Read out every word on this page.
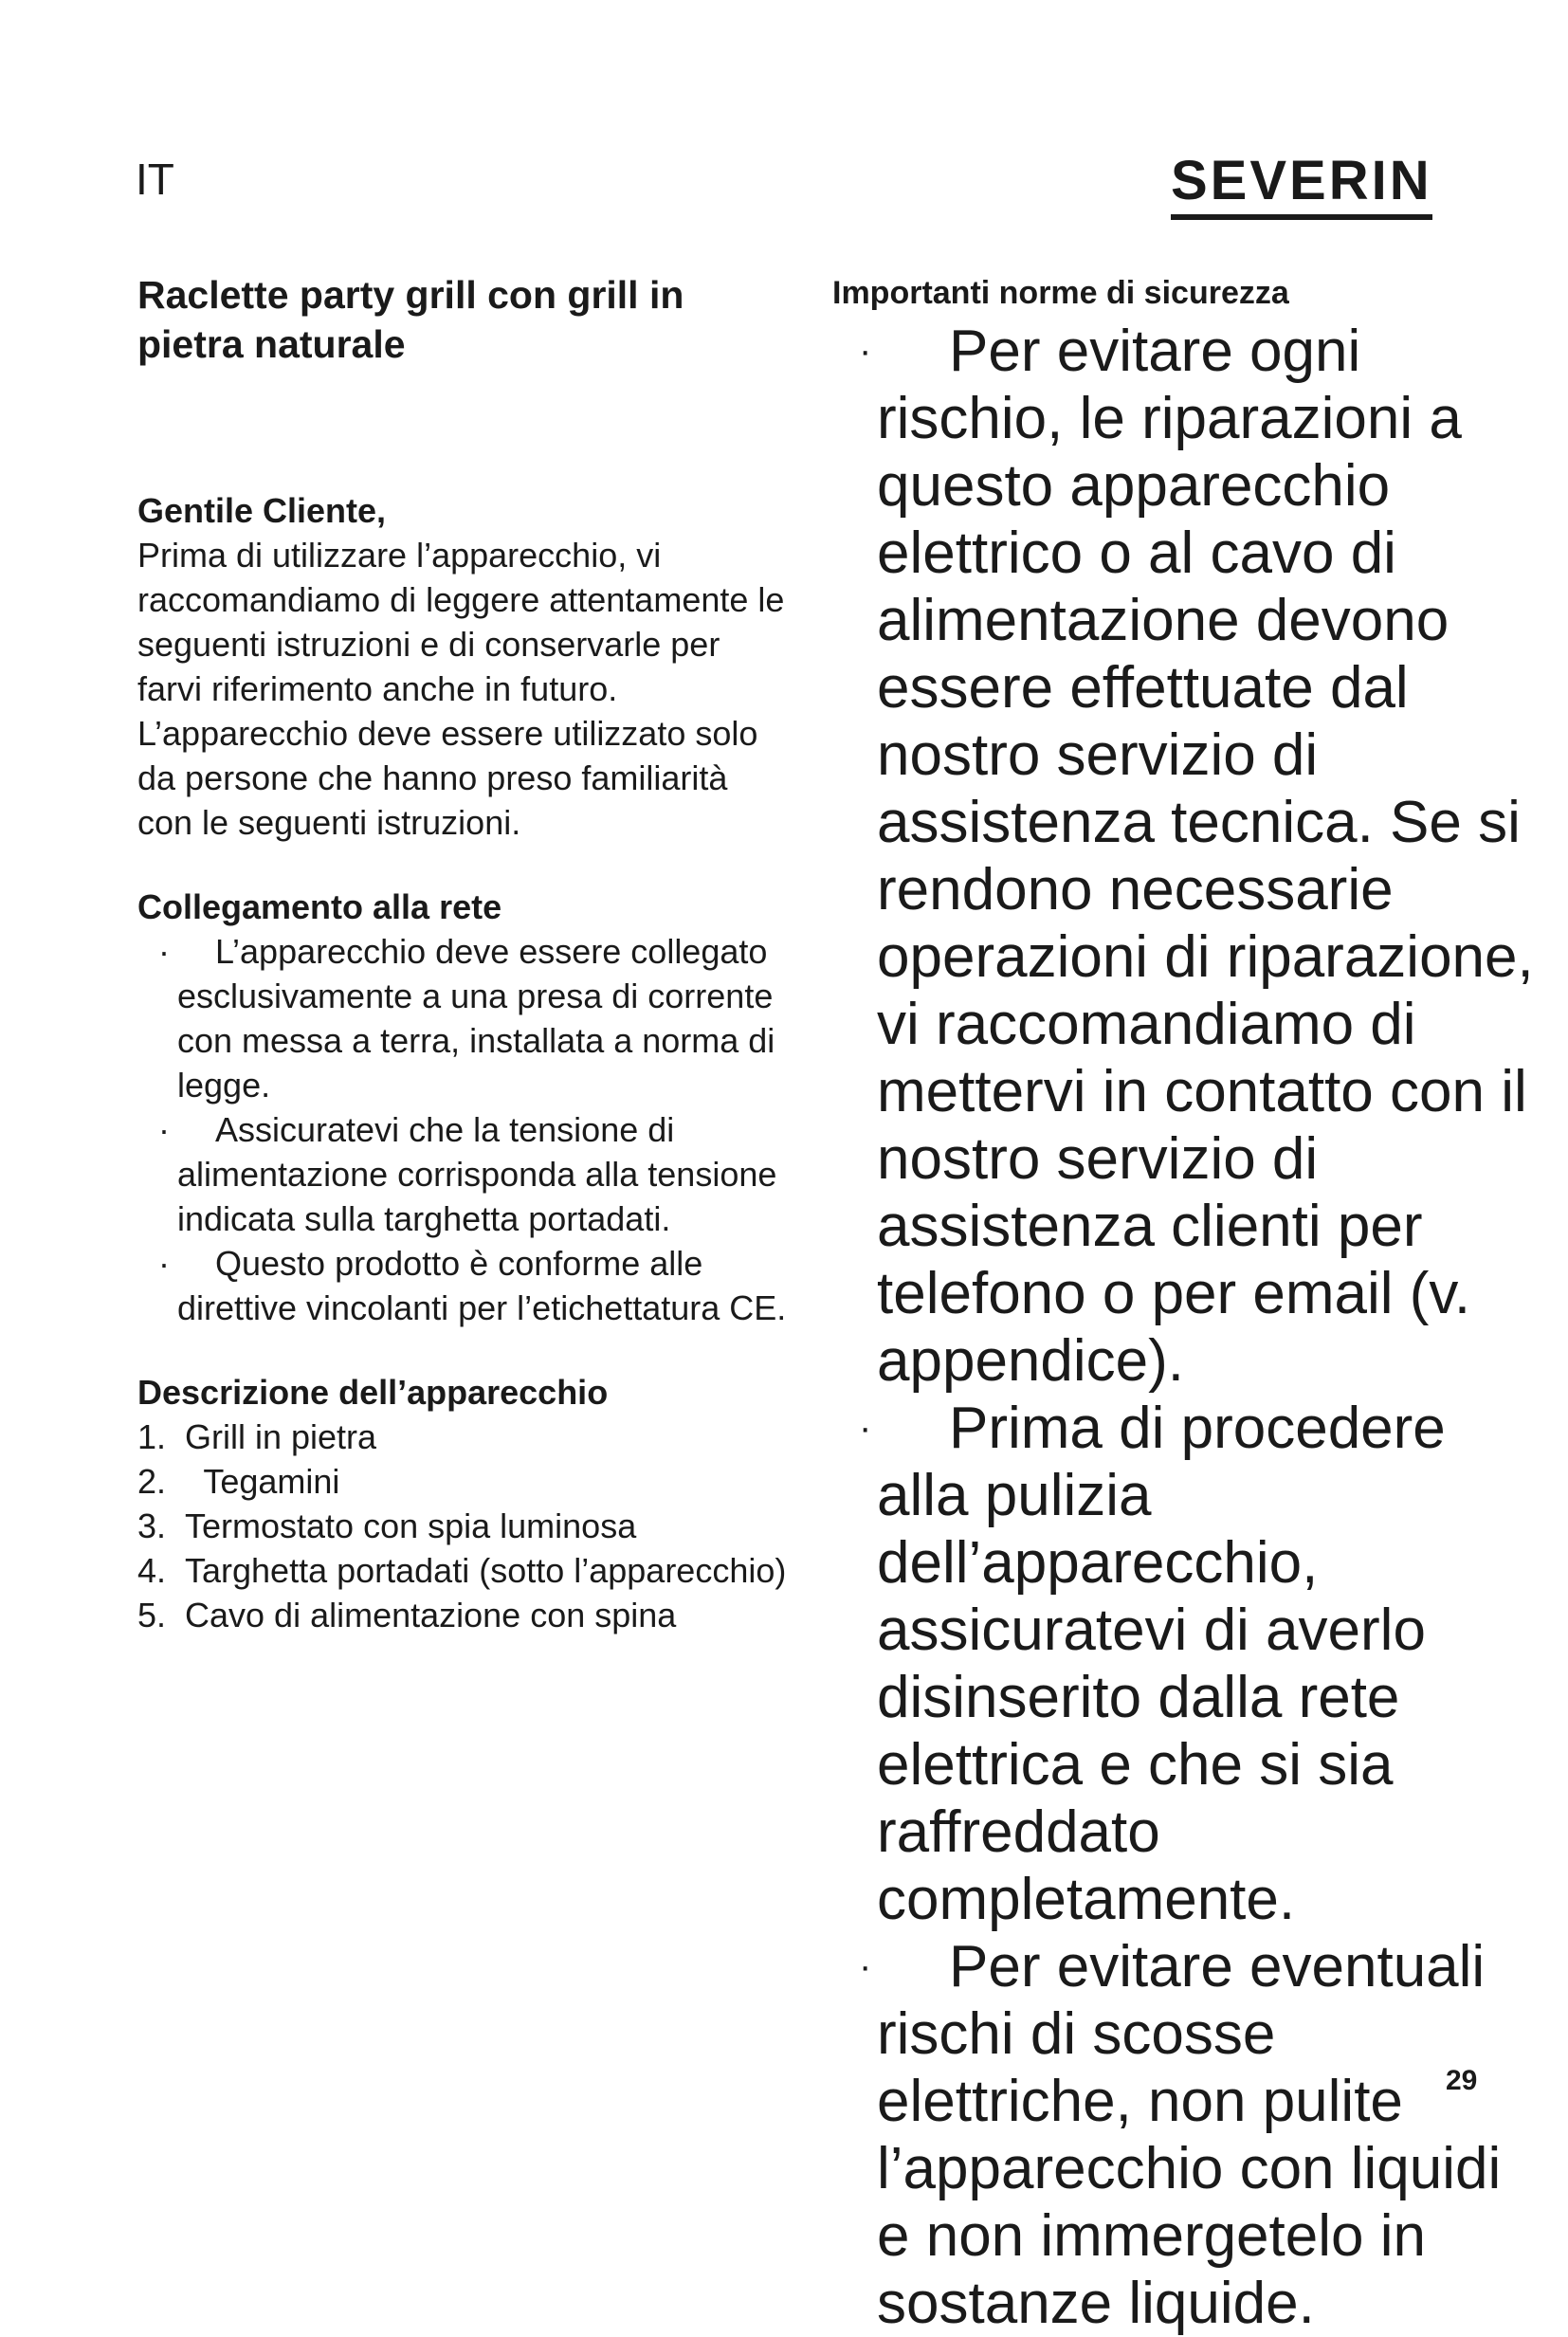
IT	SEVERIN
Raclette party grill con grill in pietra naturale

Gentile Cliente,

Prima di utilizzare l’apparecchio, vi raccomandiamo di leggere attentamente le seguenti istruzioni e di conservarle per farvi riferimento anche in futuro. L’apparecchio deve essere utilizzato solo da persone che hanno preso familiarità con le seguenti istruzioni.

Collegamento alla rete

·	L’apparecchio deve essere collegato esclusivamente a una presa di corrente con messa a terra, installata a norma di legge.
·	Assicuratevi che la tensione di alimentazione corrisponda alla tensione indicata sulla targhetta portadati.
·	Questo prodotto è conforme alle direttive vincolanti per l’etichettatura CE.

Descrizione dell’apparecchio

1. Grill in pietra
2. Tegamini
3. Termostato con spia luminosa
4. Targhetta portadati (sotto l’apparecchio)
5. Cavo di alimentazione con spina

Importanti norme di sicurezza

·	Per evitare ogni rischio, le riparazioni a questo apparecchio elettrico o al cavo di alimentazione devono essere effettuate dal nostro servizio di assistenza tecnica. Se si rendono necessarie operazioni di riparazione, vi raccomandiamo di mettervi in contatto con il nostro servizio di assistenza clienti per telefono o per email (v. appendice).
·	Prima di procedere alla pulizia dell’apparecchio, assicuratevi di averlo disinserito dalla rete elettrica e che si sia raffreddato completamente.
·	Per evitare eventuali rischi di scosse elettriche, non pulite l’apparecchio con liquidi e non immergetelo in sostanze liquide.
29
